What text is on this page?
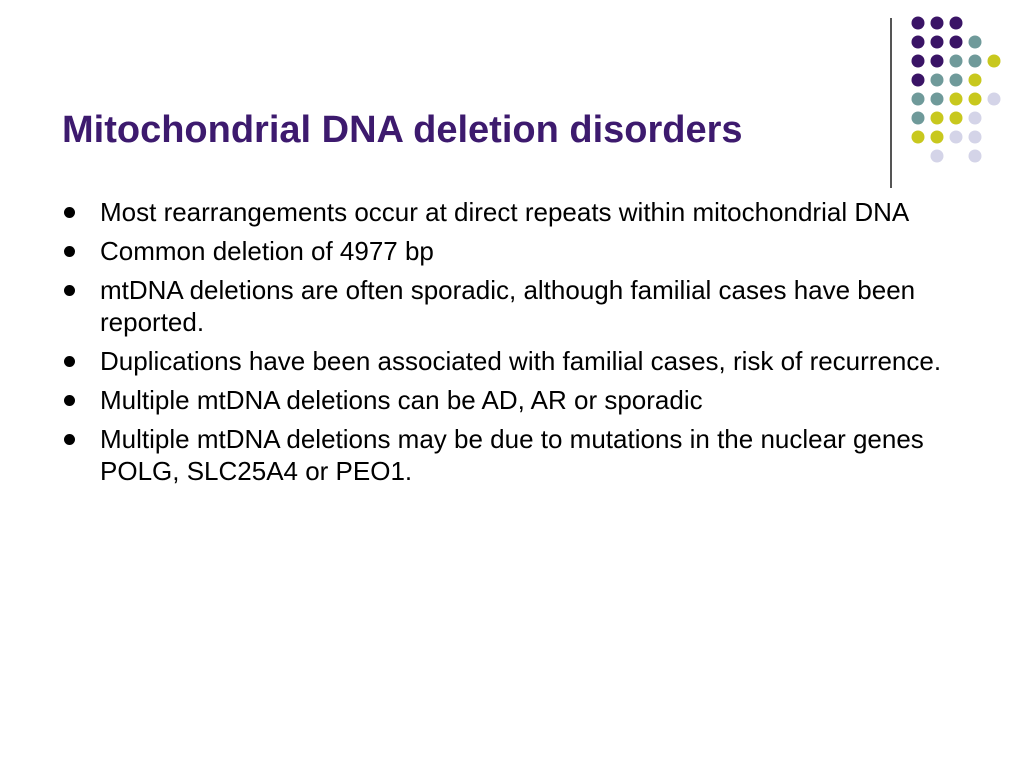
Mitochondrial DNA deletion disorders
Most rearrangements occur at direct repeats within mitochondrial DNA
Common deletion of 4977 bp
mtDNA deletions are often sporadic, although familial cases have been reported.
Duplications have been associated with familial cases, risk of recurrence.
Multiple mtDNA deletions can be AD, AR or sporadic
Multiple mtDNA deletions may be due to mutations in the nuclear genes POLG, SLC25A4 or PEO1.
